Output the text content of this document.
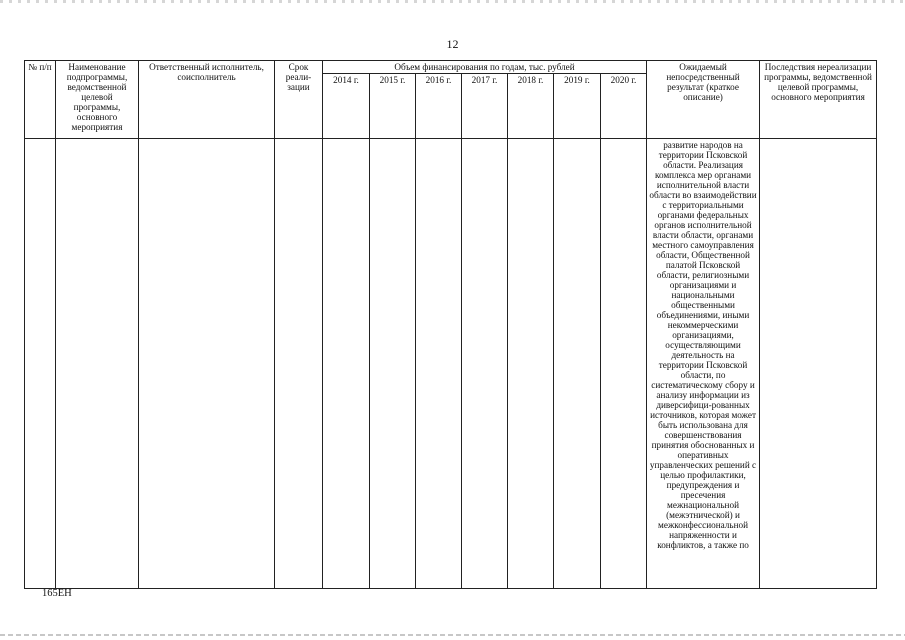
12
№ п/п	Наименование подпрограммы, ведомственной целевой программы, основного мероприятия	Ответственный исполнитель, соисполнитель	Срок реали-зации	Объем финансирования по годам, тыс. рублей							Ожидаемый непосредственный результат (краткое описание)	Последствия нереализации программы, ведомственной целевой программы, основного мероприятия
				2014 г.	2015 г.	2016 г.	2017 г.	2018 г.	2019 г.	2020 г.		
											развитие народов на территории Псковской области. Реализация комплекса мер органами исполнительной власти области во взаимодействии с территориальными органами федеральных органов исполнительной власти области, органами местного самоуправления области, Общественной палатой Псковской области, религиозными организациями и национальными общественными объединениями, иными некоммерческими организациями, осуществляющими деятельность на территории Псковской области, по систематическому сбору и анализу информации из диверсифици-рованных источников, которая может быть использована для совершенствования принятия обоснованных и оперативных управленческих решений с целью профилактики, предупреждения и пресечения межнациональной (межэтнической) и межконфессиональной напряженности и конфликтов, а также по	
165ЕН
